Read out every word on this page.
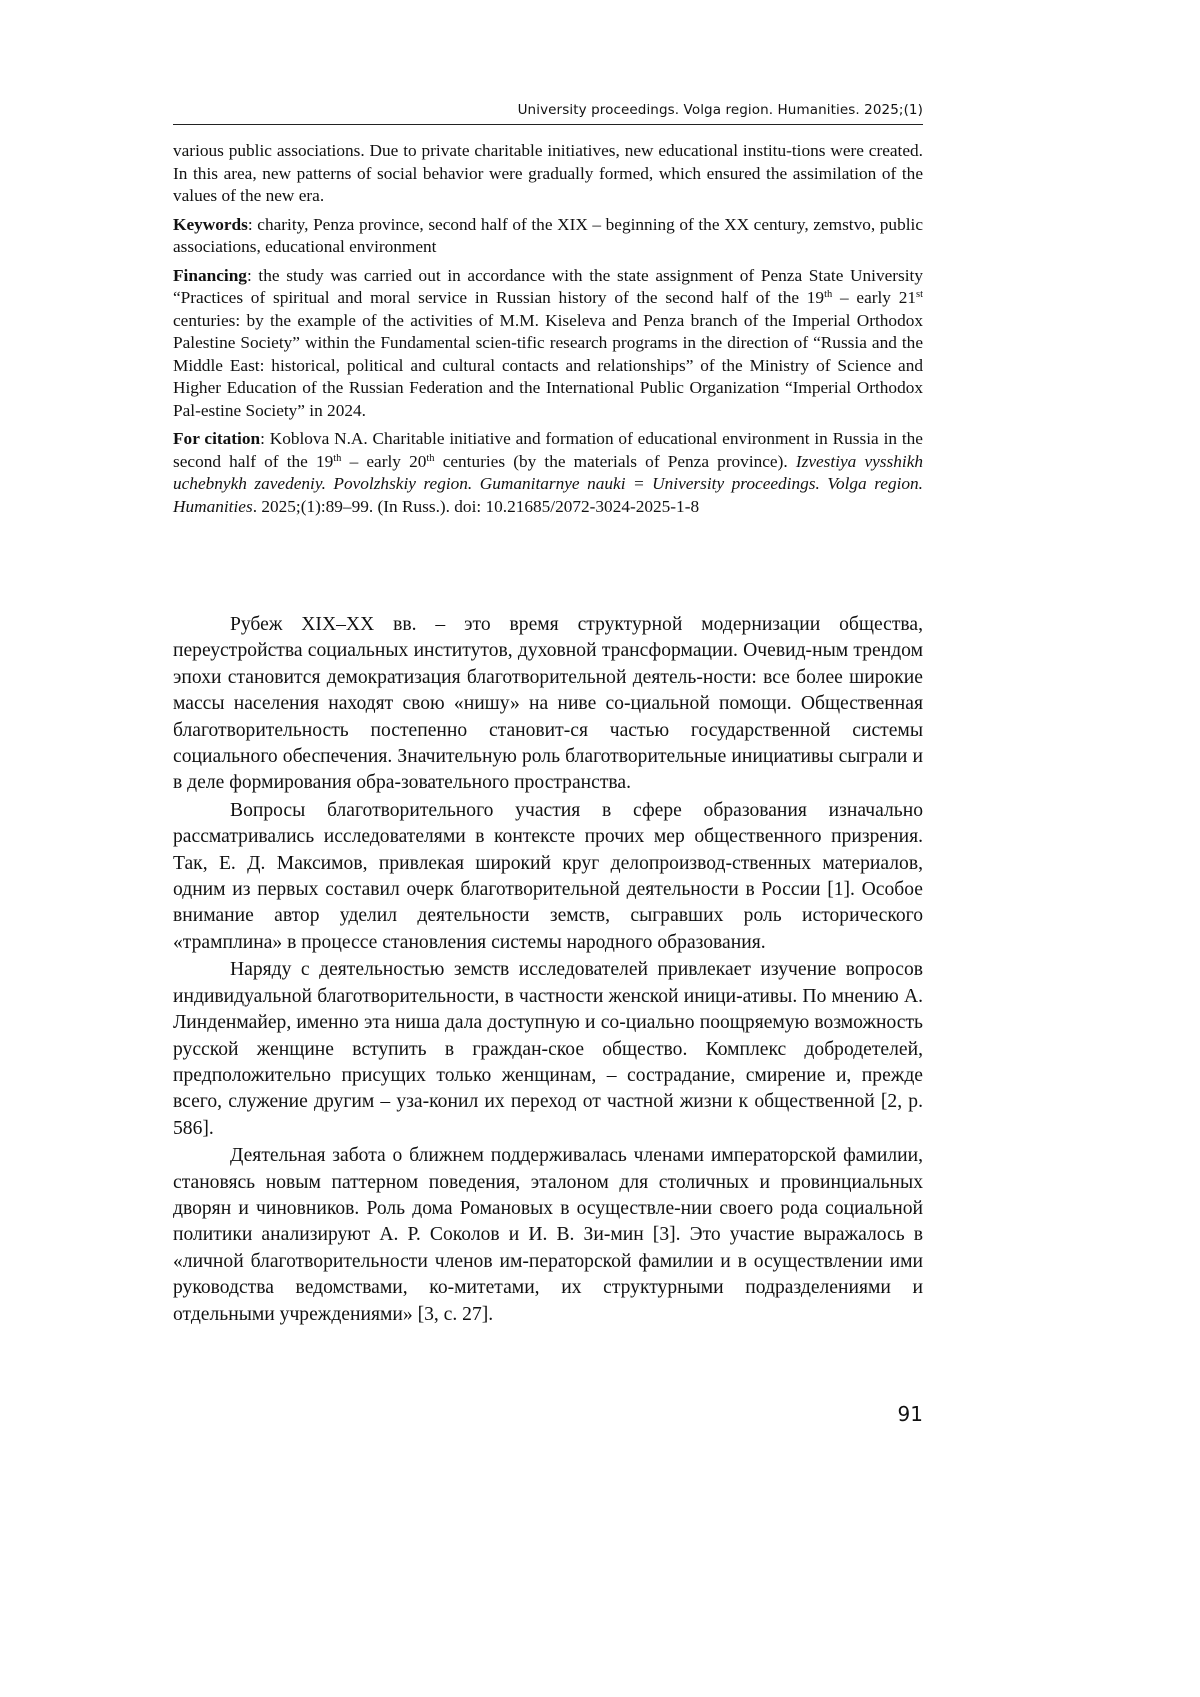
University proceedings. Volga region. Humanities. 2025;(1)

various public associations. Due to private charitable initiatives, new educational institu-tions were created. In this area, new patterns of social behavior were gradually formed, which ensured the assimilation of the values of the new era.

Keywords: charity, Penza province, second half of the XIX – beginning of the XX century, zemstvo, public associations, educational environment

Financing: the study was carried out in accordance with the state assignment of Penza State University “Practices of spiritual and moral service in Russian history of the second half of the 19th – early 21st centuries: by the example of the activities of M.M. Kiseleva and Penza branch of the Imperial Orthodox Palestine Society” within the Fundamental scien-tific research programs in the direction of “Russia and the Middle East: historical, political and cultural contacts and relationships” of the Ministry of Science and Higher Education of the Russian Federation and the International Public Organization “Imperial Orthodox Pal-estine Society” in 2024.

For citation: Koblova N.A. Charitable initiative and formation of educational environment in Russia in the second half of the 19th – early 20th centuries (by the materials of Penza province). Izvestiya vysshikh uchebnykh zavedeniy. Povolzhskiy region. Gumanitarnye nauki = University proceedings. Volga region. Humanities. 2025;(1):89–99. (In Russ.). doi: 10.21685/2072-3024-2025-1-8

Рубеж XIX–XX вв. – это время структурной модернизации общества, переустройства социальных институтов, духовной трансформации. Очевид-ным трендом эпохи становится демократизация благотворительной деятель-ности: все более широкие массы населения находят свою «нишу» на ниве со-циальной помощи. Общественная благотворительность постепенно становит-ся частью государственной системы социального обеспечения. Значительную роль благотворительные инициативы сыграли и в деле формирования обра-зовательного пространства.

Вопросы благотворительного участия в сфере образования изначально рассматривались исследователями в контексте прочих мер общественного призрения. Так, Е. Д. Максимов, привлекая широкий круг делопроизвод-ственных материалов, одним из первых составил очерк благотворительной деятельности в России [1]. Особое внимание автор уделил деятельности земств, сыгравших роль исторического «трамплина» в процессе становления системы народного образования.

Наряду с деятельностью земств исследователей привлекает изучение вопросов индивидуальной благотворительности, в частности женской иници-ативы. По мнению А. Линденмайер, именно эта ниша дала доступную и со-циально поощряемую возможность русской женщине вступить в граждан-ское общество. Комплекс добродетелей, предположительно присущих только женщинам, – сострадание, смирение и, прежде всего, служение другим – уза-конил их переход от частной жизни к общественной [2, р. 586].

Деятельная забота о ближнем поддерживалась членами императорской фамилии, становясь новым паттерном поведения, эталоном для столичных и провинциальных дворян и чиновников. Роль дома Романовых в осуществле-нии своего рода социальной политики анализируют А. Р. Соколов и И. В. Зи-мин [3]. Это участие выражалось в «личной благотворительности членов им-ператорской фамилии и в осуществлении ими руководства ведомствами, ко-митетами, их структурными подразделениями и отдельными учреждениями» [3, с. 27].

91
